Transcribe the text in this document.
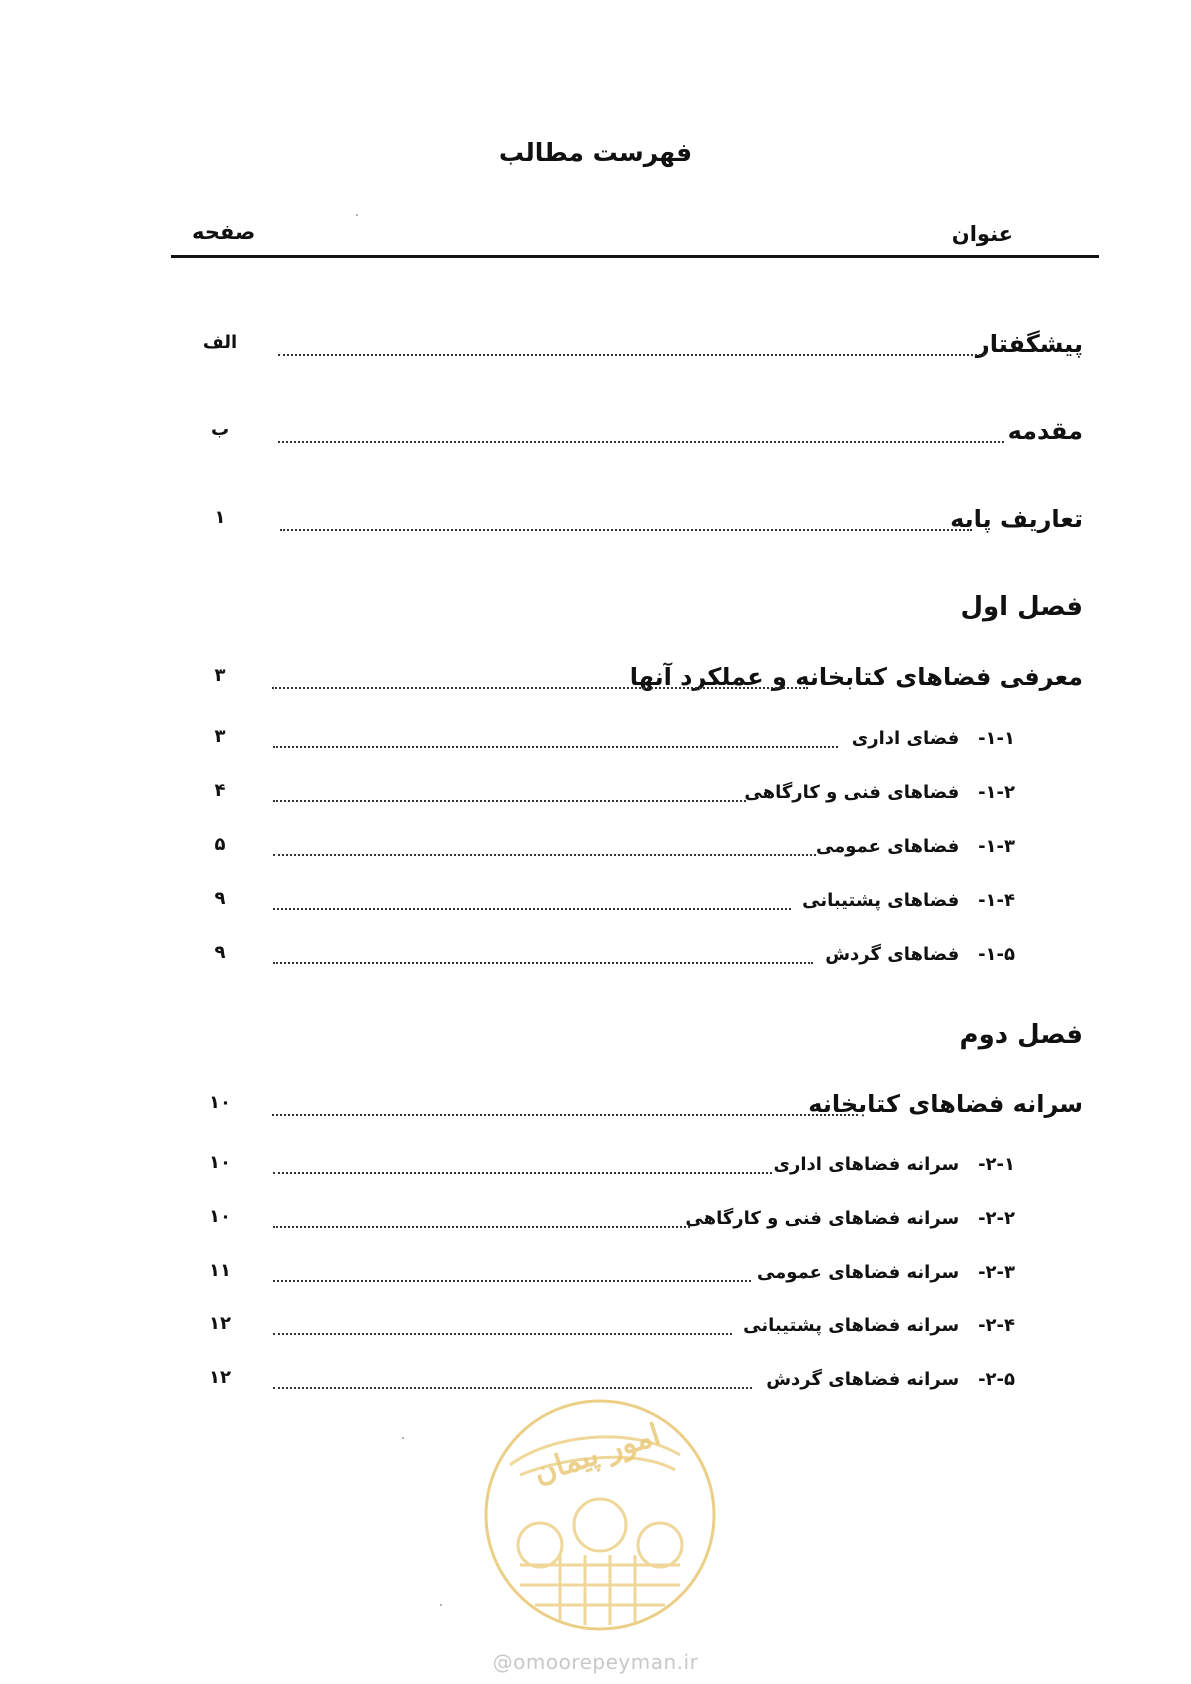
فهرست مطالب
عنوان
صفحه
پیشگفتار
الف
مقدمه
ب
تعاریف پایه
۱
فصل اول
معرفی فضاهای کتابخانه و عملکرد آنها
۳
۱-۱-   فضای اداری
۳
۱-۲-   فضاهای فنی و کارگاهی
۴
۱-۳-   فضاهای عمومی
۵
۱-۴-   فضاهای پشتیبانی
۹
۱-۵-   فضاهای گردش
۹
فصل دوم
سرانه فضاهای کتابخانه
۱۰
۲-۱-   سرانه فضاهای اداری
۱۰
۲-۲-   سرانه فضاهای فنی و کارگاهی
۱۰
۲-۳-   سرانه فضاهای عمومی
۱۱
۲-۴-   سرانه فضاهای پشتیبانی
۱۲
۲-۵-   سرانه فضاهای گردش
۱۲
امور پیمان
@omoorepeyman.ir
